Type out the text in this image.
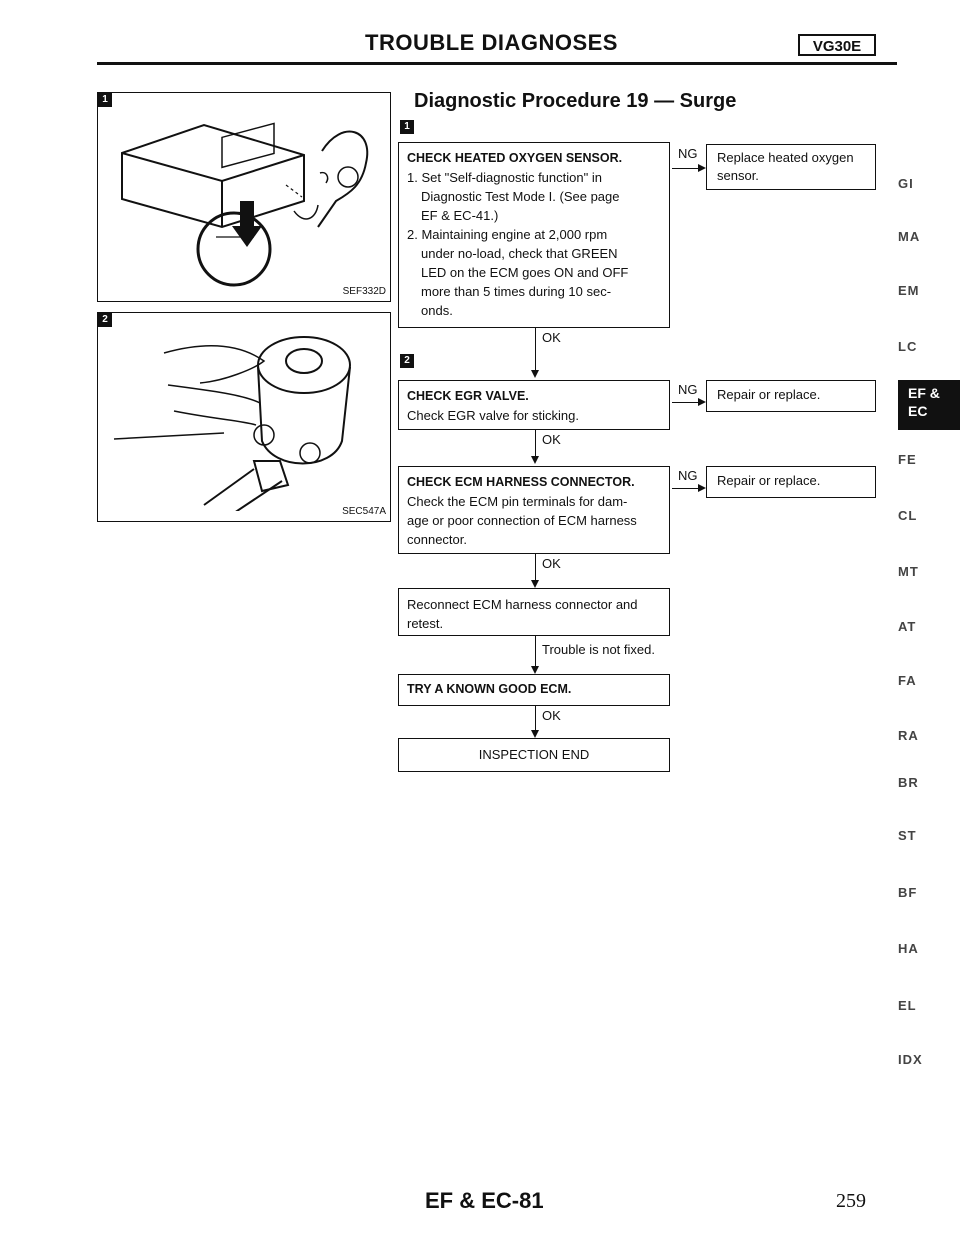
TROUBLE DIAGNOSES	VG30E
1
SEF332D
2
SEC547A
Diagnostic Procedure 19 — Surge
1
CHECK HEATED OXYGEN SENSOR.
1. Set "Self-diagnostic function" in
Diagnostic Test Mode I. (See page
EF & EC-41.)
2. Maintaining engine at 2,000 rpm
under no-load, check that GREEN
LED on the ECM goes ON and OFF
more than 5 times during 10 sec-
onds.
NG Replace heated oxygen sensor.
OK
2
CHECK EGR VALVE.
Check EGR valve for sticking.
NG Repair or replace.
OK
CHECK ECM HARNESS CONNECTOR.
Check the ECM pin terminals for dam-
age or poor connection of ECM harness
connector.
NG Repair or replace.
OK
Reconnect ECM harness connector and
retest.
Trouble is not fixed.
TRY A KNOWN GOOD ECM.
OK
INSPECTION END
GI
MA
EM
LC
EF &
EC
FE
CL
MT
AT
FA
RA
BR
ST
BF
HA
EL
IDX
EF & EC-81	259
